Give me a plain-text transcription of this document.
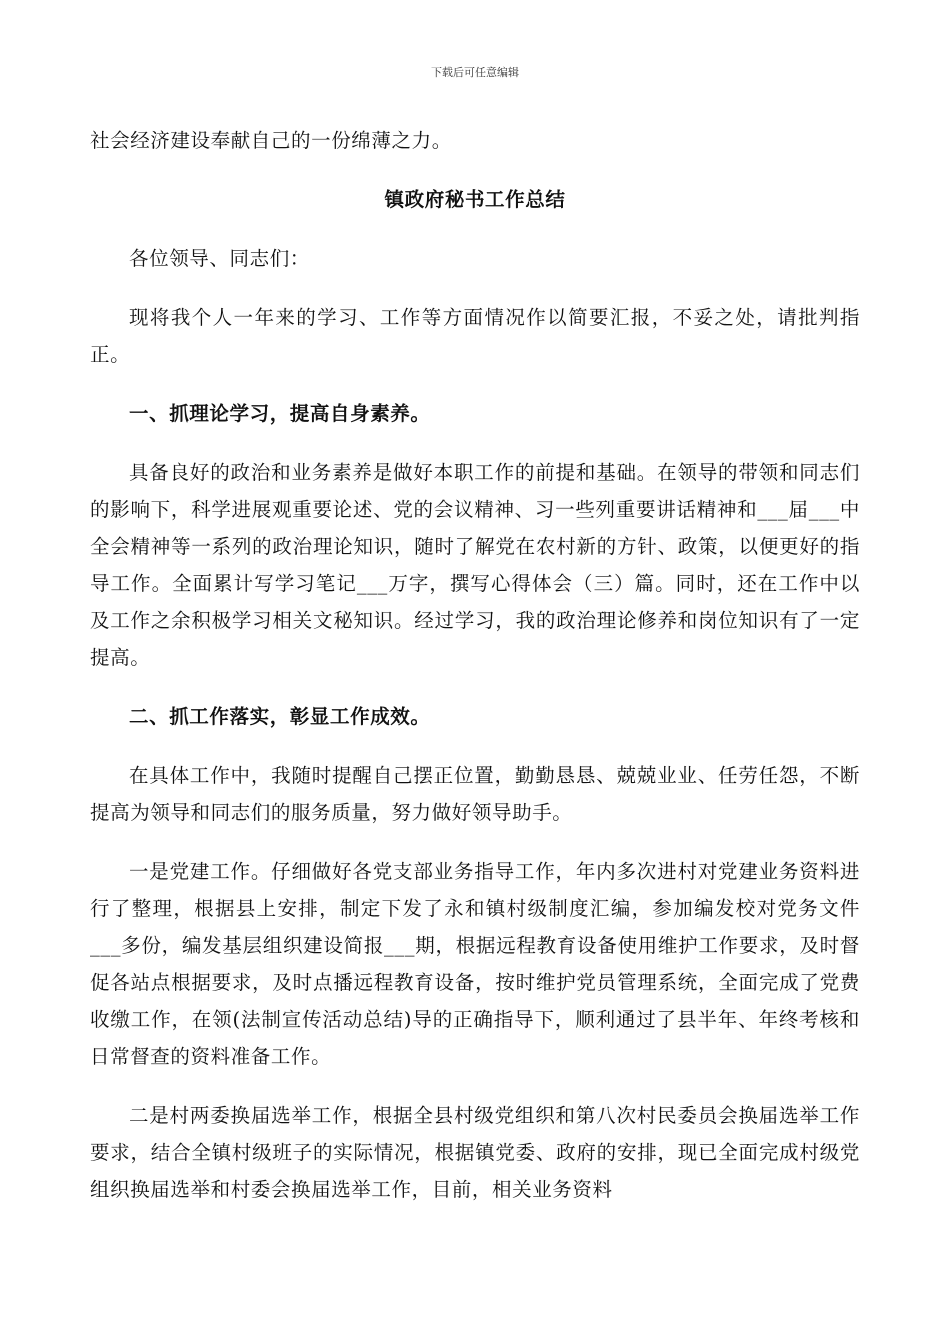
下载后可任意编辑

社会经济建设奉献自己的一份绵薄之力。

镇政府秘书工作总结

各位领导、同志们：

现将我个人一年来的学习、工作等方面情况作以简要汇报，不妥之处，请批判指正。

一、抓理论学习，提高自身素养。

具备良好的政治和业务素养是做好本职工作的前提和基础。在领导的带领和同志们的影响下，科学进展观重要论述、党的会议精神、习一些列重要讲话精神和___届___中全会精神等一系列的政治理论知识，随时了解党在农村新的方针、政策，以便更好的指导工作。全面累计写学习笔记___万字，撰写心得体会（三）篇。同时，还在工作中以及工作之余积极学习相关文秘知识。经过学习，我的政治理论修养和岗位知识有了一定提高。

二、抓工作落实，彰显工作成效。

在具体工作中，我随时提醒自己摆正位置，勤勤恳恳、兢兢业业、任劳任怨，不断提高为领导和同志们的服务质量，努力做好领导助手。

一是党建工作。仔细做好各党支部业务指导工作，年内多次进村对党建业务资料进行了整理，根据县上安排，制定下发了永和镇村级制度汇编，参加编发校对党务文件___多份，编发基层组织建设简报___期，根据远程教育设备使用维护工作要求，及时督促各站点根据要求，及时点播远程教育设备，按时维护党员管理系统，全面完成了党费收缴工作，在领(法制宣传活动总结)导的正确指导下，顺利通过了县半年、年终考核和日常督查的资料准备工作。

二是村两委换届选举工作，根据全县村级党组织和第八次村民委员会换届选举工作要求，结合全镇村级班子的实际情况，根据镇党委、政府的安排，现已全面完成村级党组织换届选举和村委会换届选举工作，目前，相关业务资料
